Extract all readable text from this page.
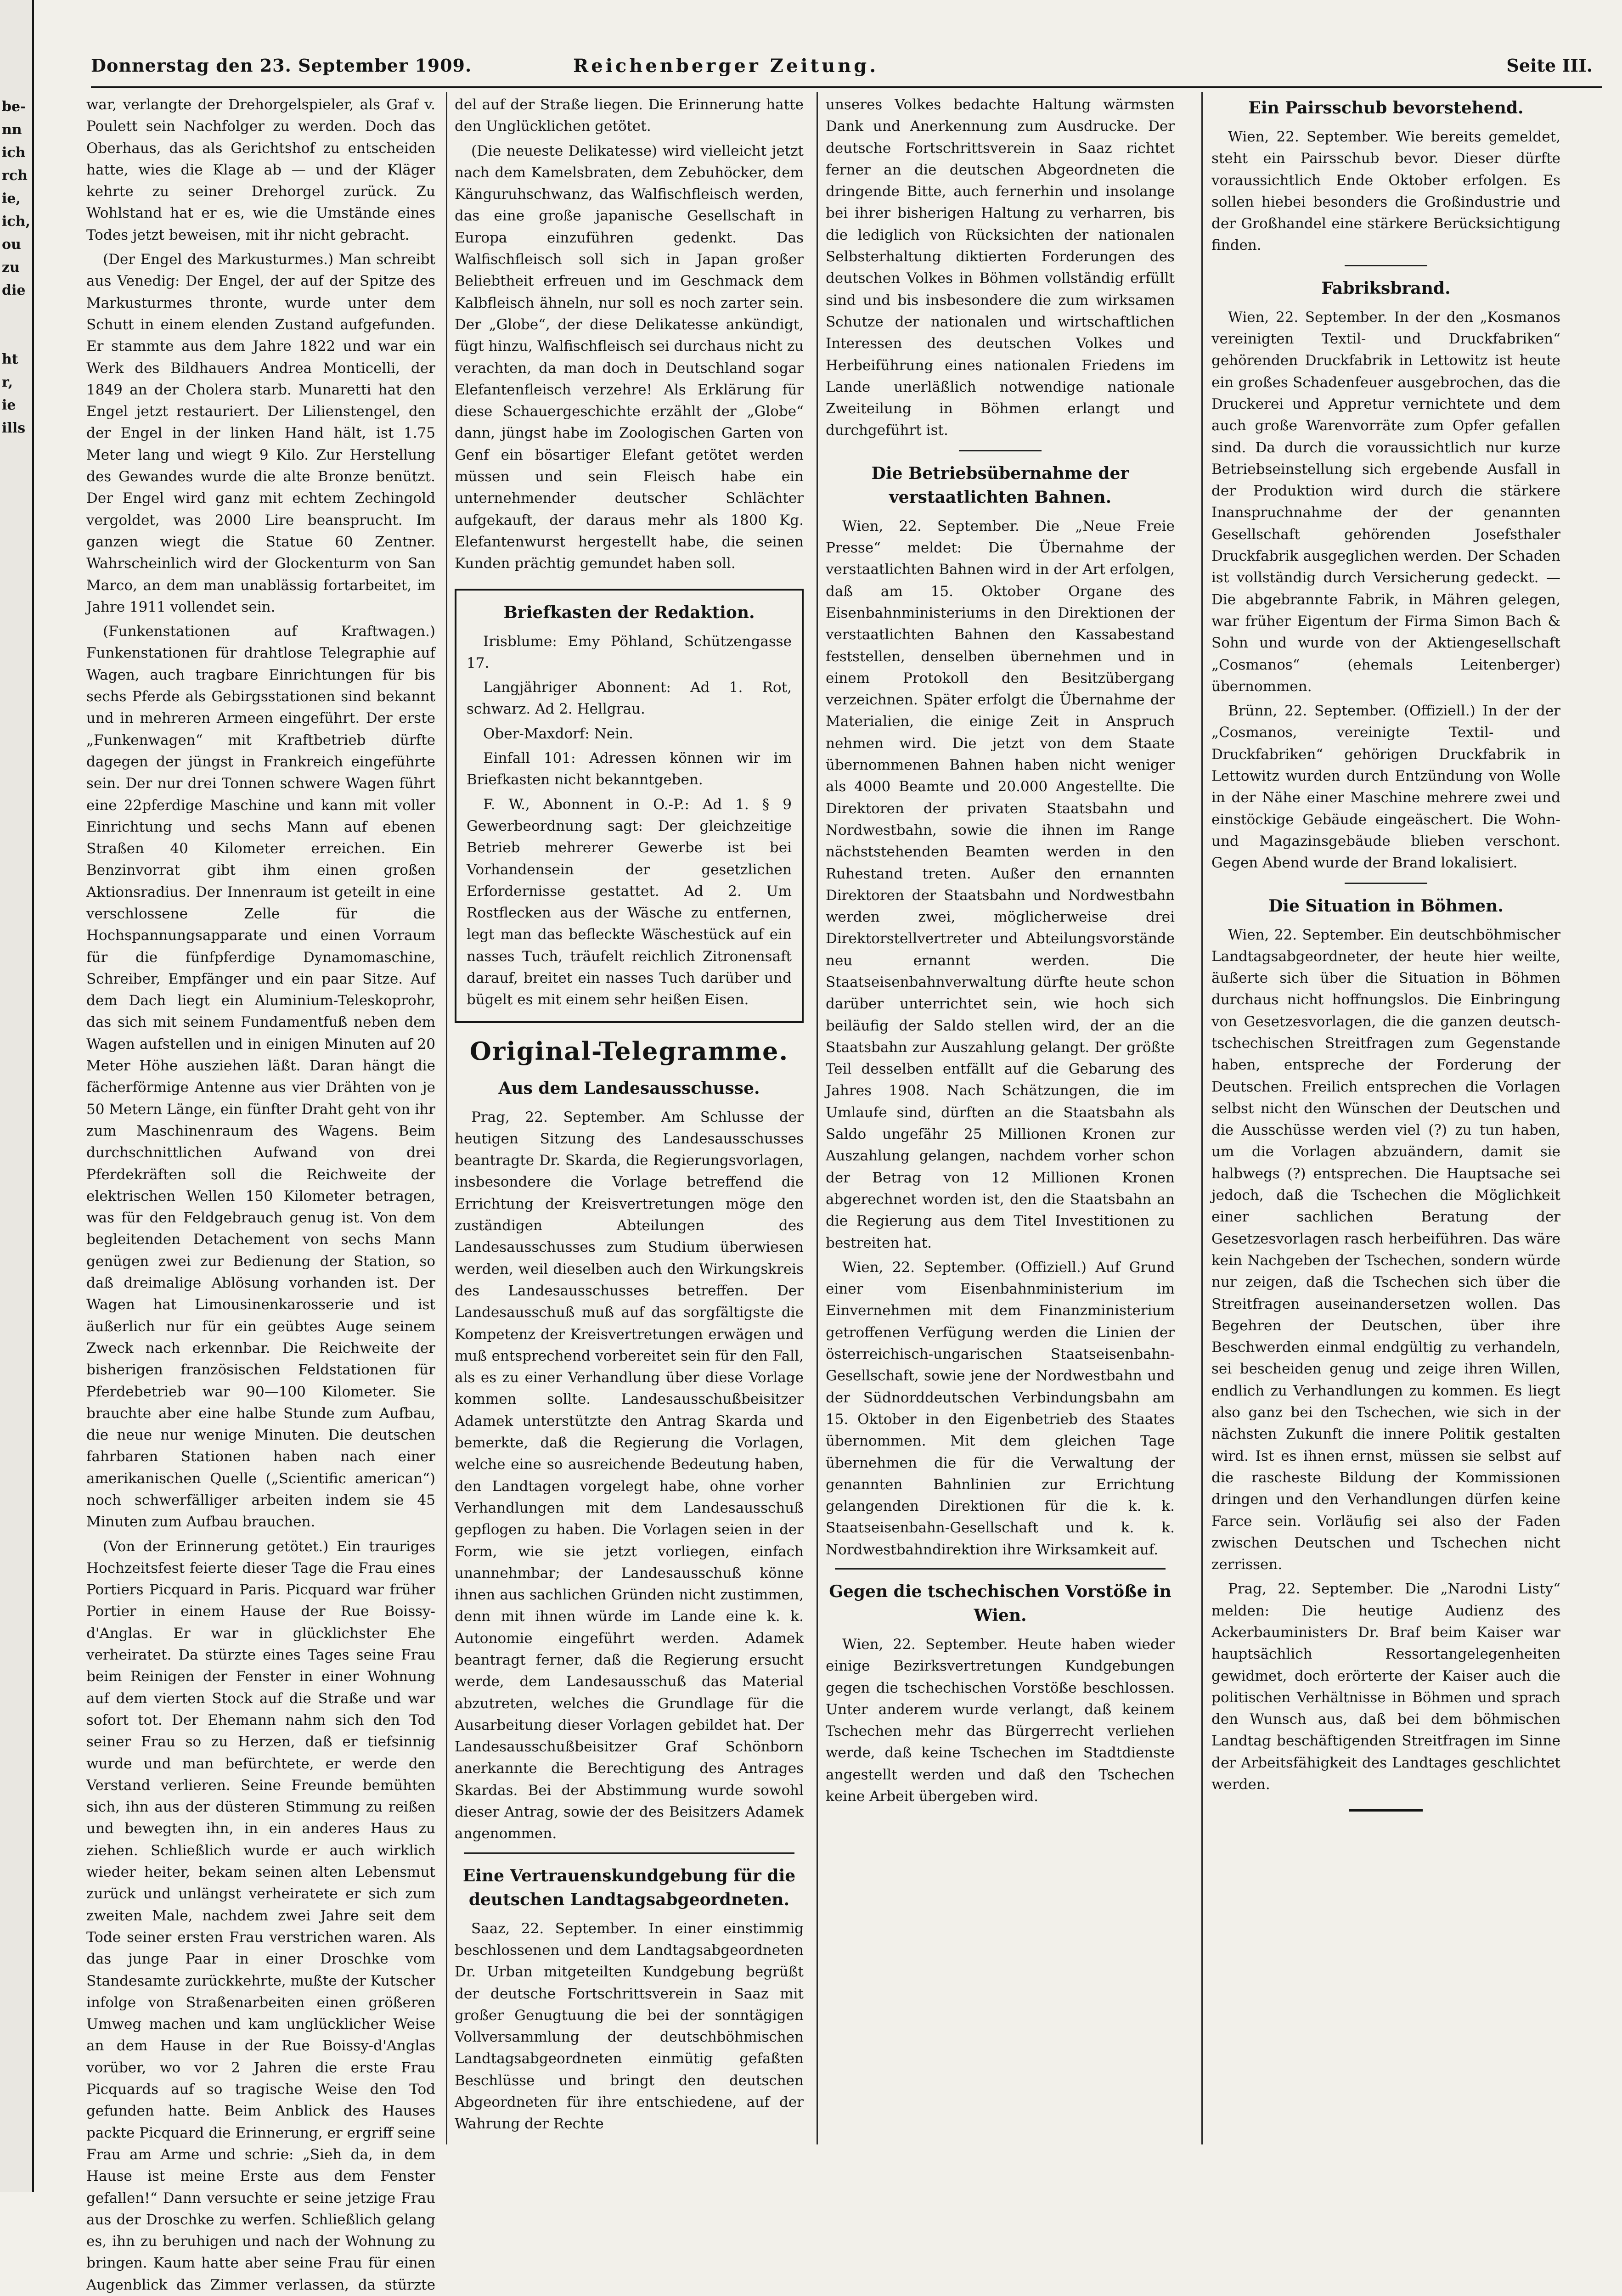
be-
nn
ich
rch
ie,
ich,
ou
zu
die
ht
r,
ie
ills
Donnerstag den 23. September 1909.	Reichenberger Zeitung.	Seite III.

war, verlangte der Drehorgelspieler, als Graf v. Poulett sein Nachfolger zu werden. Doch das Oberhaus, das als Gerichtshof zu entscheiden hatte, wies die Klage ab — und der Kläger kehrte zu seiner Drehorgel zurück. Zu Wohlstand hat er es, wie die Umstände eines Todes jetzt beweisen, mit ihr nicht gebracht.

(Der Engel des Markusturmes.) Man schreibt aus Venedig: Der Engel, der auf der Spitze des Markusturmes thronte, wurde unter dem Schutt in einem elenden Zustand aufgefunden. Er stammte aus dem Jahre 1822 und war ein Werk des Bildhauers Andrea Monticelli, der 1849 an der Cholera starb. Munaretti hat den Engel jetzt restauriert. Der Lilienstengel, den der Engel in der linken Hand hält, ist 1.75 Meter lang und wiegt 9 Kilo. Zur Herstellung des Gewandes wurde die alte Bronze benützt. Der Engel wird ganz mit echtem Zechingold vergoldet, was 2000 Lire beansprucht. Im ganzen wiegt die Statue 60 Zentner. Wahrscheinlich wird der Glockenturm von San Marco, an dem man unablässig fortarbeitet, im Jahre 1911 vollendet sein.

(Funkenstationen auf Kraftwagen.) Funkenstationen für drahtlose Telegraphie auf Wagen, auch tragbare Einrichtungen für bis sechs Pferde als Gebirgsstationen sind bekannt und in mehreren Armeen eingeführt. Der erste „Funkenwagen“ mit Kraftbetrieb dürfte dagegen der jüngst in Frankreich eingeführte sein. Der nur drei Tonnen schwere Wagen führt eine 22pferdige Maschine und kann mit voller Einrichtung und sechs Mann auf ebenen Straßen 40 Kilometer erreichen. Ein Benzinvorrat gibt ihm einen großen Aktionsradius. Der Innenraum ist geteilt in eine verschlossene Zelle für die Hochspannungsapparate und einen Vorraum für die fünfpferdige Dynamomaschine, Schreiber, Empfänger und ein paar Sitze. Auf dem Dach liegt ein Aluminium-Teleskoprohr, das sich mit seinem Fundamentfuß neben dem Wagen aufstellen und in einigen Minuten auf 20 Meter Höhe ausziehen läßt. Daran hängt die fächerförmige Antenne aus vier Drähten von je 50 Metern Länge, ein fünfter Draht geht von ihr zum Maschinenraum des Wagens. Beim durchschnittlichen Aufwand von drei Pferdekräften soll die Reichweite der elektrischen Wellen 150 Kilometer betragen, was für den Feldgebrauch genug ist. Von dem begleitenden Detachement von sechs Mann genügen zwei zur Bedienung der Station, so daß dreimalige Ablösung vorhanden ist. Der Wagen hat Limousinenkarosserie und ist äußerlich nur für ein geübtes Auge seinem Zweck nach erkennbar. Die Reichweite der bisherigen französischen Feldstationen für Pferdebetrieb war 90—100 Kilometer. Sie brauchte aber eine halbe Stunde zum Aufbau, die neue nur wenige Minuten. Die deutschen fahrbaren Stationen haben nach einer amerikanischen Quelle („Scientific american“) noch schwerfälliger arbeiten indem sie 45 Minuten zum Aufbau brauchen.

(Von der Erinnerung getötet.) Ein trauriges Hochzeitsfest feierte dieser Tage die Frau eines Portiers Picquard in Paris. Picquard war früher Portier in einem Hause der Rue Boissy-d'Anglas. Er war in glücklichster Ehe verheiratet. Da stürzte eines Tages seine Frau beim Reinigen der Fenster in einer Wohnung auf dem vierten Stock auf die Straße und war sofort tot. Der Ehemann nahm sich den Tod seiner Frau so zu Herzen, daß er tiefsinnig wurde und man befürchtete, er werde den Verstand verlieren. Seine Freunde bemühten sich, ihn aus der düsteren Stimmung zu reißen und bewegten ihn, in ein anderes Haus zu ziehen. Schließlich wurde er auch wirklich wieder heiter, bekam seinen alten Lebensmut zurück und unlängst verheiratete er sich zum zweiten Male, nachdem zwei Jahre seit dem Tode seiner ersten Frau verstrichen waren. Als das junge Paar in einer Droschke vom Standesamte zurückkehrte, mußte der Kutscher infolge von Straßenarbeiten einen größeren Umweg machen und kam unglücklicher Weise an dem Hause in der Rue Boissy-d'Anglas vorüber, wo vor 2 Jahren die erste Frau Picquards auf so tragische Weise den Tod gefunden hatte. Beim Anblick des Hauses packte Picquard die Erinnerung, er ergriff seine Frau am Arme und schrie: „Sieh da, in dem Hause ist meine Erste aus dem Fenster gefallen!“ Dann versuchte er seine jetzige Frau aus der Droschke zu werfen. Schließlich gelang es, ihn zu beruhigen und nach der Wohnung zu bringen. Kaum hatte aber seine Frau für einen Augenblick das Zimmer verlassen, da stürzte

del auf der Straße liegen. Die Erinnerung hatte den Unglücklichen getötet.

(Die neueste Delikatesse) wird vielleicht jetzt nach dem Kamelsbraten, dem Zebuhöcker, dem Känguruhschwanz, das Walfischfleisch werden, das eine große japanische Gesellschaft in Europa einzuführen gedenkt. Das Walfischfleisch soll sich in Japan großer Beliebtheit erfreuen und im Geschmack dem Kalbfleisch ähneln, nur soll es noch zarter sein. Der „Globe“, der diese Delikatesse ankündigt, fügt hinzu, Walfischfleisch sei durchaus nicht zu verachten, da man doch in Deutschland sogar Elefantenfleisch verzehre! Als Erklärung für diese Schauergeschichte erzählt der „Globe“ dann, jüngst habe im Zoologischen Garten von Genf ein bösartiger Elefant getötet werden müssen und sein Fleisch habe ein unternehmender deutscher Schlächter aufgekauft, der daraus mehr als 1800 Kg. Elefantenwurst hergestellt habe, die seinen Kunden prächtig gemundet haben soll.

Briefkasten der Redaktion.

Irisblume: Emy Pöhland, Schützengasse 17.

Langjähriger Abonnent: Ad 1. Rot, schwarz. Ad 2. Hellgrau.

Ober-Maxdorf: Nein.

Einfall 101: Adressen können wir im Briefkasten nicht bekanntgeben.

F. W., Abonnent in O.-P.: Ad 1. § 9 Gewerbeordnung sagt: Der gleichzeitige Betrieb mehrerer Gewerbe ist bei Vorhandensein der gesetzlichen Erfordernisse gestattet. Ad 2. Um Rostflecken aus der Wäsche zu entfernen, legt man das befleckte Wäschestück auf ein nasses Tuch, träufelt reichlich Zitronensaft darauf, breitet ein nasses Tuch darüber und bügelt es mit einem sehr heißen Eisen.

Original-Telegramme.
Aus dem Landesausschusse.

Prag, 22. September. Am Schlusse der heutigen Sitzung des Landesausschusses beantragte Dr. Skarda, die Regierungsvorlagen, insbesondere die Vorlage betreffend die Errichtung der Kreisvertretungen möge den zuständigen Abteilungen des Landesausschusses zum Studium überwiesen werden, weil dieselben auch den Wirkungskreis des Landesausschusses betreffen. Der Landesausschuß muß auf das sorgfältigste die Kompetenz der Kreisvertretungen erwägen und muß entsprechend vorbereitet sein für den Fall, als es zu einer Verhandlung über diese Vorlage kommen sollte. Landesausschußbeisitzer Adamek unterstützte den Antrag Skarda und bemerkte, daß die Regierung die Vorlagen, welche eine so ausreichende Bedeutung haben, den Landtagen vorgelegt habe, ohne vorher Verhandlungen mit dem Landesausschuß gepflogen zu haben. Die Vorlagen seien in der Form, wie sie jetzt vorliegen, einfach unannehmbar; der Landesausschuß könne ihnen aus sachlichen Gründen nicht zustimmen, denn mit ihnen würde im Lande eine k. k. Autonomie eingeführt werden. Adamek beantragt ferner, daß die Regierung ersucht werde, dem Landesausschuß das Material abzutreten, welches die Grundlage für die Ausarbeitung dieser Vorlagen gebildet hat. Der Landesausschußbeisitzer Graf Schönborn anerkannte die Berechtigung des Antrages Skardas. Bei der Abstimmung wurde sowohl dieser Antrag, sowie der des Beisitzers Adamek angenommen.

Eine Vertrauenskundgebung für die deutschen Landtagsabgeordneten.

Saaz, 22. September. In einer einstimmig beschlossenen und dem Landtagsabgeordneten Dr. Urban mitgeteilten Kundgebung begrüßt der deutsche Fortschrittsverein in Saaz mit großer Genugtuung die bei der sonntägigen Vollversammlung der deutschböhmischen Landtagsabgeordneten einmütig gefaßten Beschlüsse und bringt den deutschen Abgeordneten für ihre entschiedene, auf der Wahrung der Rechte

unseres Volkes bedachte Haltung wärmsten Dank und Anerkennung zum Ausdrucke. Der deutsche Fortschrittsverein in Saaz richtet ferner an die deutschen Abgeordneten die dringende Bitte, auch fernerhin und insolange bei ihrer bisherigen Haltung zu verharren, bis die lediglich von Rücksichten der nationalen Selbsterhaltung diktierten Forderungen des deutschen Volkes in Böhmen vollständig erfüllt sind und bis insbesondere die zum wirksamen Schutze der nationalen und wirtschaftlichen Interessen des deutschen Volkes und Herbeiführung eines nationalen Friedens im Lande unerläßlich notwendige nationale Zweiteilung in Böhmen erlangt und durchgeführt ist.

Die Betriebsübernahme der verstaatlichten Bahnen.

Wien, 22. September. Die „Neue Freie Presse“ meldet: Die Übernahme der verstaatlichten Bahnen wird in der Art erfolgen, daß am 15. Oktober Organe des Eisenbahnministeriums in den Direktionen der verstaatlichten Bahnen den Kassabestand feststellen, denselben übernehmen und in einem Protokoll den Besitzübergang verzeichnen. Später erfolgt die Übernahme der Materialien, die einige Zeit in Anspruch nehmen wird. Die jetzt von dem Staate übernommenen Bahnen haben nicht weniger als 4000 Beamte und 20.000 Angestellte. Die Direktoren der privaten Staatsbahn und Nordwestbahn, sowie die ihnen im Range nächststehenden Beamten werden in den Ruhestand treten. Außer den ernannten Direktoren der Staatsbahn und Nordwestbahn werden zwei, möglicherweise drei Direktorstellvertreter und Abteilungsvorstände neu ernannt werden. Die Staatseisenbahnverwaltung dürfte heute schon darüber unterrichtet sein, wie hoch sich beiläufig der Saldo stellen wird, der an die Staatsbahn zur Auszahlung gelangt. Der größte Teil desselben entfällt auf die Gebarung des Jahres 1908. Nach Schätzungen, die im Umlaufe sind, dürften an die Staatsbahn als Saldo ungefähr 25 Millionen Kronen zur Auszahlung gelangen, nachdem vorher schon der Betrag von 12 Millionen Kronen abgerechnet worden ist, den die Staatsbahn an die Regierung aus dem Titel Investitionen zu bestreiten hat.

Wien, 22. September. (Offiziell.) Auf Grund einer vom Eisenbahnministerium im Einvernehmen mit dem Finanzministerium getroffenen Verfügung werden die Linien der österreichisch-ungarischen Staatseisenbahn-Gesellschaft, sowie jene der Nordwestbahn und der Südnorddeutschen Verbindungsbahn am 15. Oktober in den Eigenbetrieb des Staates übernommen. Mit dem gleichen Tage übernehmen die für die Verwaltung der genannten Bahnlinien zur Errichtung gelangenden Direktionen für die k. k. Staatseisenbahn-Gesellschaft und k. k. Nordwestbahndirektion ihre Wirksamkeit auf.

Gegen die tschechischen Vorstöße in Wien.

Wien, 22. September. Heute haben wieder einige Bezirksvertretungen Kundgebungen gegen die tschechischen Vorstöße beschlossen. Unter anderem wurde verlangt, daß keinem Tschechen mehr das Bürgerrecht verliehen werde, daß keine Tschechen im Stadtdienste angestellt werden und daß den Tschechen keine Arbeit übergeben wird.

Ein Pairsschub bevorstehend.

Wien, 22. September. Wie bereits gemeldet, steht ein Pairsschub bevor. Dieser dürfte voraussichtlich Ende Oktober erfolgen. Es sollen hiebei besonders die Großindustrie und der Großhandel eine stärkere Berücksichtigung finden.

Fabriksbrand.

Wien, 22. September. In der den „Kosmanos vereinigten Textil- und Druckfabriken“ gehörenden Druckfabrik in Lettowitz ist heute ein großes Schadenfeuer ausgebrochen, das die Druckerei und Appretur vernichtete und dem auch große Warenvorräte zum Opfer gefallen sind. Da durch die voraussichtlich nur kurze Betriebseinstellung sich ergebende Ausfall in der Produktion wird durch die stärkere Inanspruchnahme der der genannten Gesellschaft gehörenden Josefsthaler Druckfabrik ausgeglichen werden. Der Schaden ist vollständig durch Versicherung gedeckt. — Die abgebrannte Fabrik, in Mähren gelegen, war früher Eigentum der Firma Simon Bach & Sohn und wurde von der Aktiengesellschaft „Cosmanos“ (ehemals Leitenberger) übernommen.

Brünn, 22. September. (Offiziell.) In der der „Cosmanos, vereinigte Textil- und Druckfabriken“ gehörigen Druckfabrik in Lettowitz wurden durch Entzündung von Wolle in der Nähe einer Maschine mehrere zwei und einstöckige Gebäude eingeäschert. Die Wohn- und Magazinsgebäude blieben verschont. Gegen Abend wurde der Brand lokalisiert.

Die Situation in Böhmen.

Wien, 22. September. Ein deutschböhmischer Landtagsabgeordneter, der heute hier weilte, äußerte sich über die Situation in Böhmen durchaus nicht hoffnungslos. Die Einbringung von Gesetzesvorlagen, die die ganzen deutsch-tschechischen Streitfragen zum Gegenstande haben, entspreche der Forderung der Deutschen. Freilich entsprechen die Vorlagen selbst nicht den Wünschen der Deutschen und die Ausschüsse werden viel (?) zu tun haben, um die Vorlagen abzuändern, damit sie halbwegs (?) entsprechen. Die Hauptsache sei jedoch, daß die Tschechen die Möglichkeit einer sachlichen Beratung der Gesetzesvorlagen rasch herbeiführen. Das wäre kein Nachgeben der Tschechen, sondern würde nur zeigen, daß die Tschechen sich über die Streitfragen auseinandersetzen wollen. Das Begehren der Deutschen, über ihre Beschwerden einmal endgültig zu verhandeln, sei bescheiden genug und zeige ihren Willen, endlich zu Verhandlungen zu kommen. Es liegt also ganz bei den Tschechen, wie sich in der nächsten Zukunft die innere Politik gestalten wird. Ist es ihnen ernst, müssen sie selbst auf die rascheste Bildung der Kommissionen dringen und den Verhandlungen dürfen keine Farce sein. Vorläufig sei also der Faden zwischen Deutschen und Tschechen nicht zerrissen.

Prag, 22. September. Die „Narodni Listy“ melden: Die heutige Audienz des Ackerbauministers Dr. Braf beim Kaiser war hauptsächlich Ressortangelegenheiten gewidmet, doch erörterte der Kaiser auch die politischen Verhältnisse in Böhmen und sprach den Wunsch aus, daß bei dem böhmischen Landtag beschäftigenden Streitfragen im Sinne der Arbeitsfähigkeit des Landtages geschlichtet werden.
